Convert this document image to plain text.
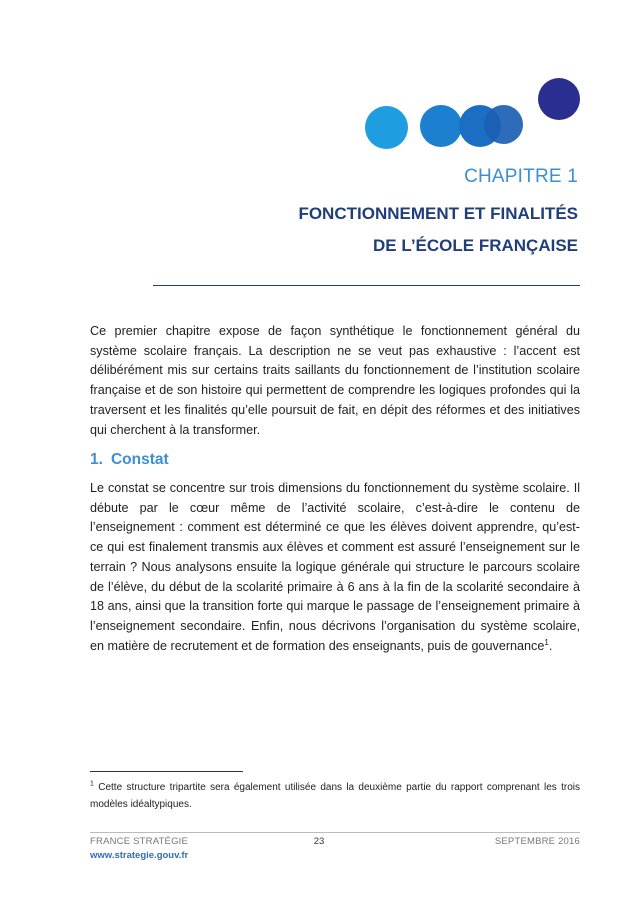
CHAPITRE 1
FONCTIONNEMENT ET FINALITÉS
DE L’ÉCOLE FRANÇAISE

Ce premier chapitre expose de façon synthétique le fonctionnement général du système scolaire français. La description ne se veut pas exhaustive : l’accent est délibérément mis sur certains traits saillants du fonctionnement de l’institution scolaire française et de son histoire qui permettent de comprendre les logiques profondes qui la traversent et les finalités qu’elle poursuit de fait, en dépit des réformes et des initiatives qui cherchent à la transformer.

1. Constat

Le constat se concentre sur trois dimensions du fonctionnement du système scolaire. Il débute par le cœur même de l’activité scolaire, c’est-à-dire le contenu de l’enseignement : comment est déterminé ce que les élèves doivent apprendre, qu’est-ce qui est finalement transmis aux élèves et comment est assuré l’enseignement sur le terrain ? Nous analysons ensuite la logique générale qui structure le parcours scolaire de l’élève, du début de la scolarité primaire à 6 ans à la fin de la scolarité secondaire à 18 ans, ainsi que la transition forte qui marque le passage de l’enseignement primaire à l’enseignement secondaire. Enfin, nous décrivons l’organisation du système scolaire, en matière de recrutement et de formation des enseignants, puis de gouvernance$^1$.

$^1$ Cette structure tripartite sera également utilisée dans la deuxième partie du rapport comprenant les trois modèles idéaltypiques.

FRANCE STRATÉGIE
www.strategie.gouv.fr
23	SEPTEMBRE 2016
